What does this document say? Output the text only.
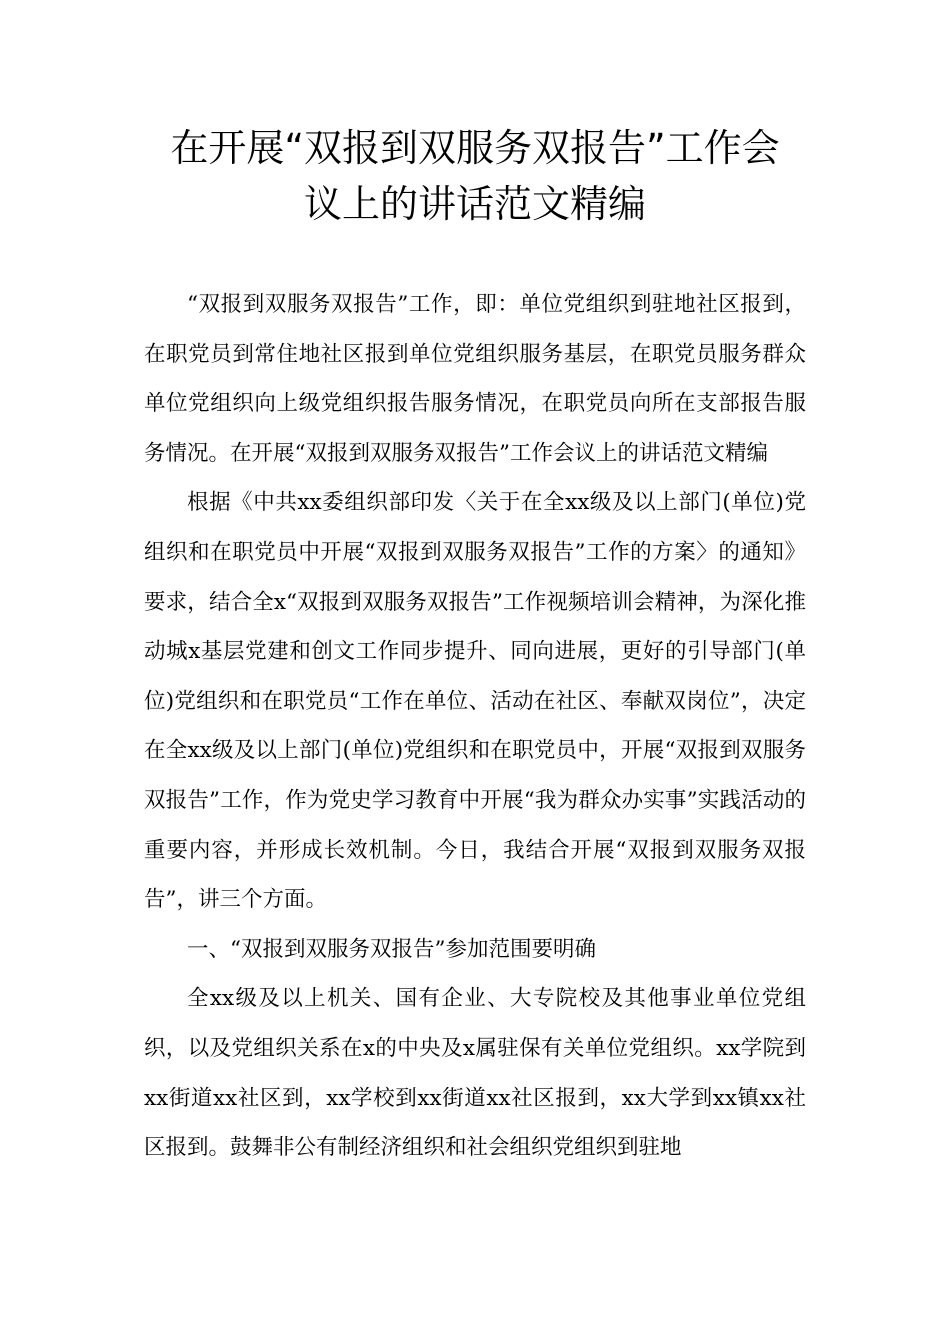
在开展“双报到双服务双报告”工作会
议上的讲话范文精编

“双报到双服务双报告”工作，即：单位党组织到驻地社区报到，在职党员到常住地社区报到单位党组织服务基层，在职党员服务群众单位党组织向上级党组织报告服务情况，在职党员向所在支部报告服务情况。在开展“双报到双服务双报告”工作会议上的讲话范文精编

根据《中共xx委组织部印发〈关于在全xx级及以上部门(单位)党组织和在职党员中开展“双报到双服务双报告”工作的方案〉的通知》要求，结合全x“双报到双服务双报告”工作视频培训会精神，为深化推动城x基层党建和创文工作同步提升、同向进展，更好的引导部门(单位)党组织和在职党员“工作在单位、活动在社区、奉献双岗位”，决定在全xx级及以上部门(单位)党组织和在职党员中，开展“双报到双服务双报告”工作，作为党史学习教育中开展“我为群众办实事”实践活动的重要内容，并形成长效机制。今日，我结合开展“双报到双服务双报告”，讲三个方面。

一、“双报到双服务双报告”参加范围要明确

全xx级及以上机关、国有企业、大专院校及其他事业单位党组织，以及党组织关系在x的中央及x属驻保有关单位党组织。xx学院到xx街道xx社区到，xx学校到xx街道xx社区报到，xx大学到xx镇xx社区报到。鼓舞非公有制经济组织和社会组织党组织到驻地
